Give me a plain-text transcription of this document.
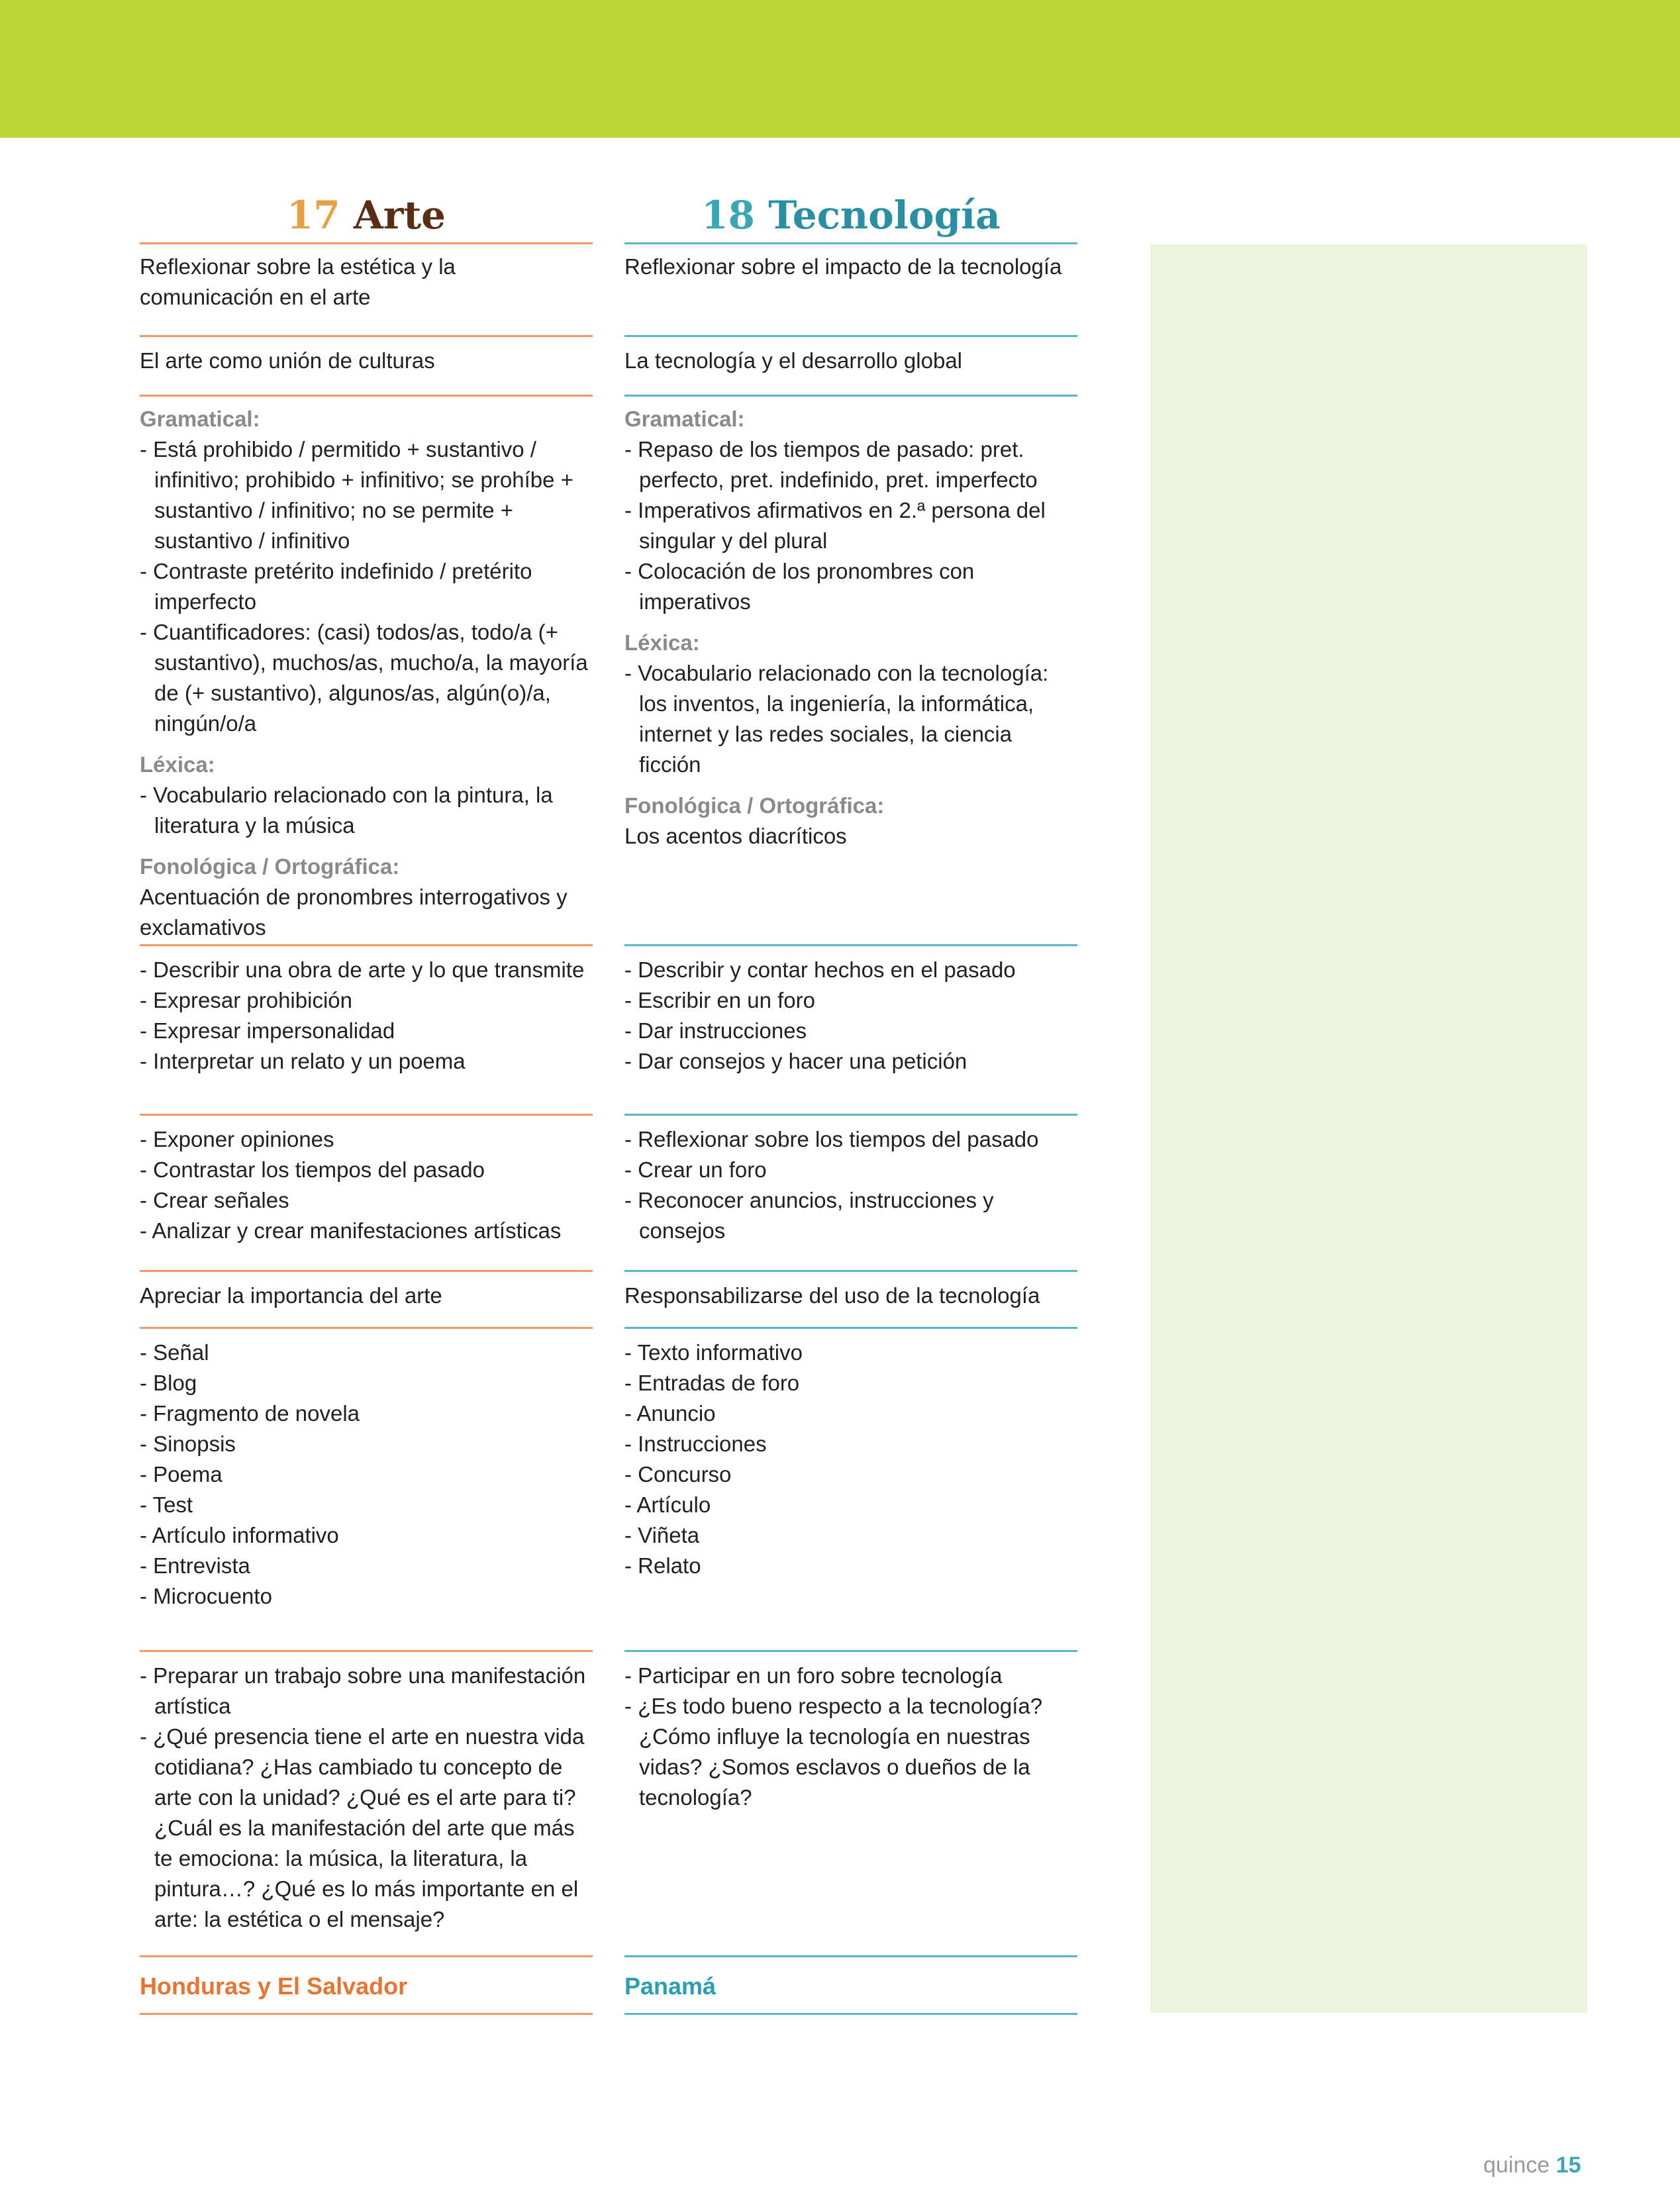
17 Arte
Reflexionar sobre la estética y la comunicación en el arte
El arte como unión de culturas
Gramatical:
- Está prohibido / permitido + sustantivo / infinitivo; prohibido + infinitivo; se prohíbe + sustantivo / infinitivo; no se permite + sustantivo / infinitivo
- Contraste pretérito indefinido / pretérito imperfecto
- Cuantificadores: (casi) todos/as, todo/a (+ sustantivo), muchos/as, mucho/a, la mayoría de (+ sustantivo), algunos/as, algún(o)/a, ningún/o/a
Léxica:
- Vocabulario relacionado con la pintura, la literatura y la música
Fonológica / Ortográfica:
Acentuación de pronombres interrogativos y exclamativos
- Describir una obra de arte y lo que transmite
- Expresar prohibición
- Expresar impersonalidad
- Interpretar un relato y un poema
- Exponer opiniones
- Contrastar los tiempos del pasado
- Crear señales
- Analizar y crear manifestaciones artísticas
Apreciar la importancia del arte
- Señal
- Blog
- Fragmento de novela
- Sinopsis
- Poema
- Test
- Artículo informativo
- Entrevista
- Microcuento
- Preparar un trabajo sobre una manifestación artística
- ¿Qué presencia tiene el arte en nuestra vida cotidiana? ¿Has cambiado tu concepto de arte con la unidad? ¿Qué es el arte para ti? ¿Cuál es la manifestación del arte que más te emociona: la música, la literatura, la pintura…? ¿Qué es lo más importante en el arte: la estética o el mensaje?
Honduras y El Salvador
18 Tecnología
Reflexionar sobre el impacto de la tecnología
La tecnología y el desarrollo global
Gramatical:
- Repaso de los tiempos de pasado: pret. perfecto, pret. indefinido, pret. imperfecto
- Imperativos afirmativos en 2.ª persona del singular y del plural
- Colocación de los pronombres con imperativos
Léxica:
- Vocabulario relacionado con la tecnología: los inventos, la ingeniería, la informática, internet y las redes sociales, la ciencia ficción
Fonológica / Ortográfica:
Los acentos diacríticos
- Describir y contar hechos en el pasado
- Escribir en un foro
- Dar instrucciones
- Dar consejos y hacer una petición
- Reflexionar sobre los tiempos del pasado
- Crear un foro
- Reconocer anuncios, instrucciones y consejos
Responsabilizarse del uso de la tecnología
- Texto informativo
- Entradas de foro
- Anuncio
- Instrucciones
- Concurso
- Artículo
- Viñeta
- Relato
- Participar en un foro sobre tecnología
- ¿Es todo bueno respecto a la tecnología? ¿Cómo influye la tecnología en nuestras vidas? ¿Somos esclavos o dueños de la tecnología?
Panamá
quince 15
